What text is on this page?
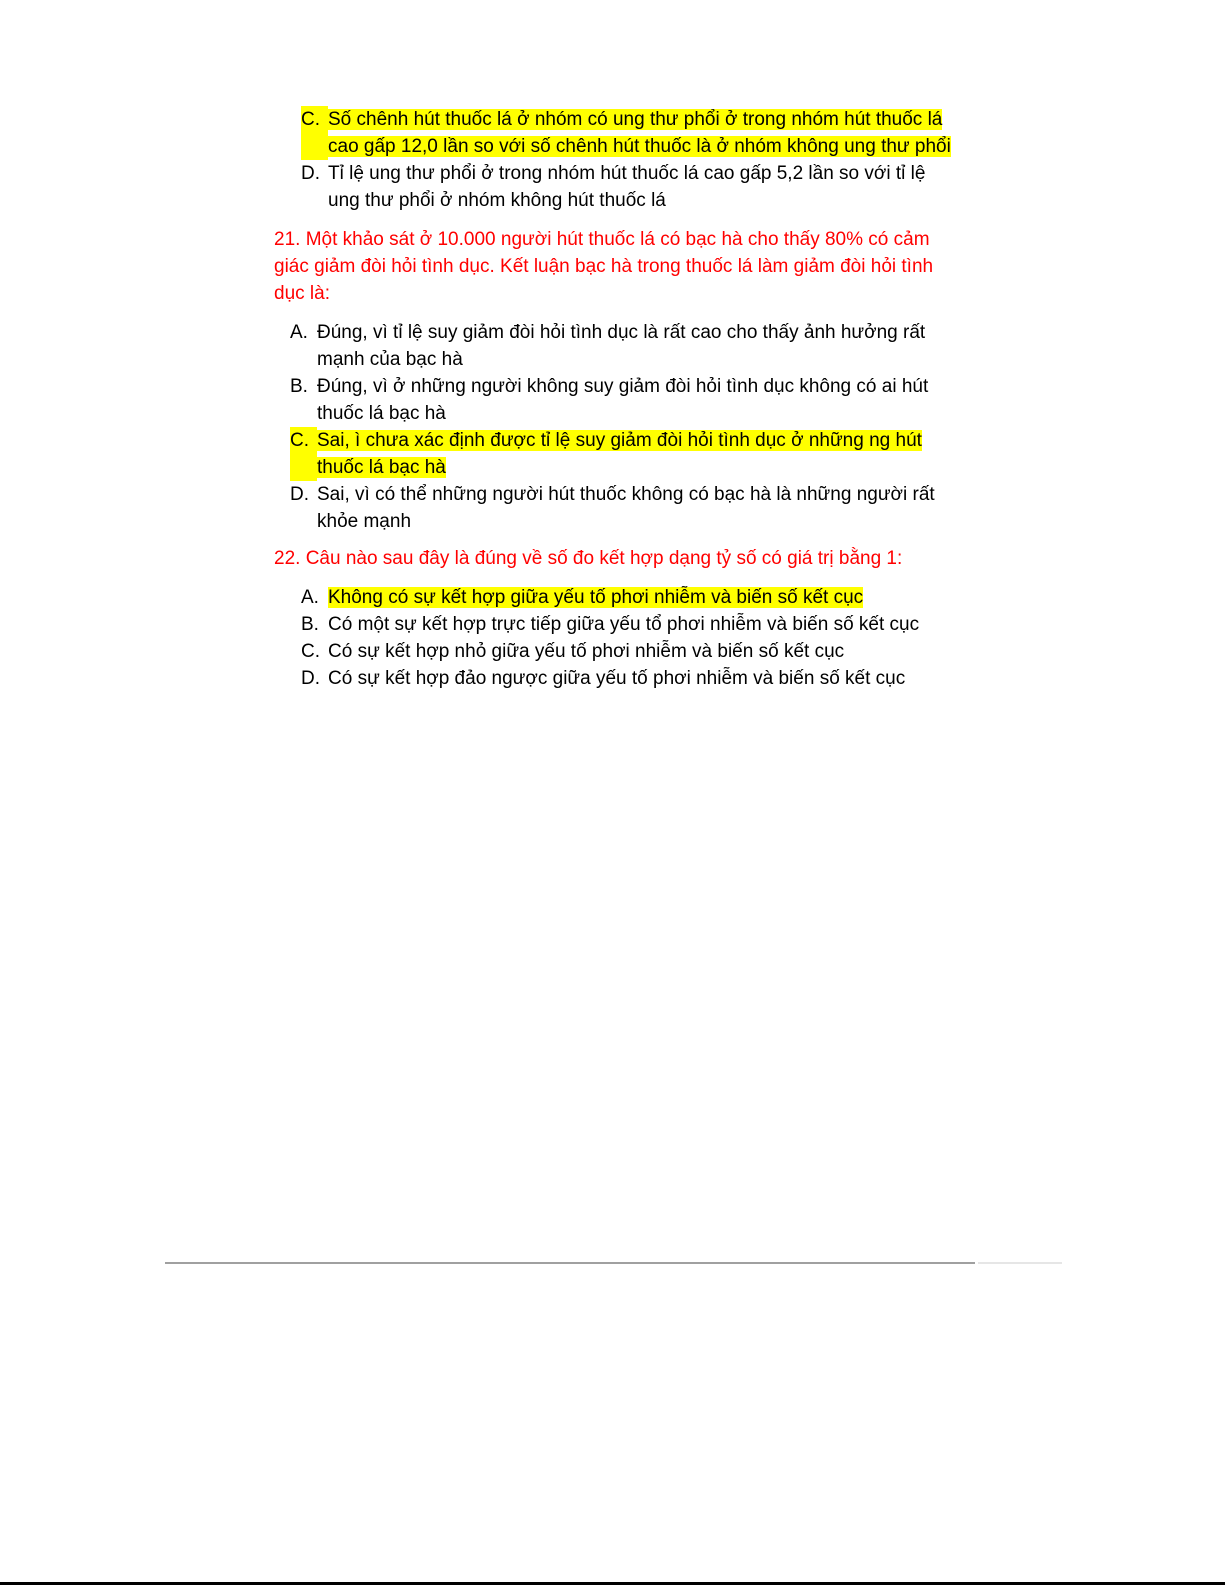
C. Số chênh hút thuốc lá ở nhóm có ung thư phổi ở trong nhóm hút thuốc lá cao gấp 12,0 lần so với số chênh hút thuốc là ở nhóm không ung thư phổi
D. Tỉ lệ ung thư phổi ở trong nhóm hút thuốc lá cao gấp 5,2 lần so với tỉ lệ ung thư phổi ở nhóm không hút thuốc lá
21. Một khảo sát ở 10.000 người hút thuốc lá có bạc hà cho thấy 80% có cảm giác giảm đòi hỏi tình dục. Kết luận bạc hà trong thuốc lá làm giảm đòi hỏi tình dục là:
A. Đúng, vì tỉ lệ suy giảm đòi hỏi tình dục là rất cao cho thấy ảnh hưởng rất mạnh của bạc hà
B. Đúng, vì ở những người không suy giảm đòi hỏi tình dục không có ai hút thuốc lá bạc hà
C. Sai, ì chưa xác định được tỉ lệ suy giảm đòi hỏi tình dục ở những ng hút thuốc lá bạc hà
D. Sai, vì có thể những người hút thuốc không có bạc hà là những người rất khỏe mạnh
22. Câu nào sau đây là đúng về số đo kết hợp dạng tỷ số có giá trị bằng 1:
A. Không có sự kết hợp giữa yếu tố phơi nhiễm và biến số kết cục
B. Có một sự kết hợp trực tiếp giữa yếu tổ phơi nhiễm và biến số kết cục
C. Có sự kết hợp nhỏ giữa yếu tố phơi nhiễm và biến số kết cục
D. Có sự kết hợp đảo ngược giữa yếu tố phơi nhiễm và biến số kết cục
